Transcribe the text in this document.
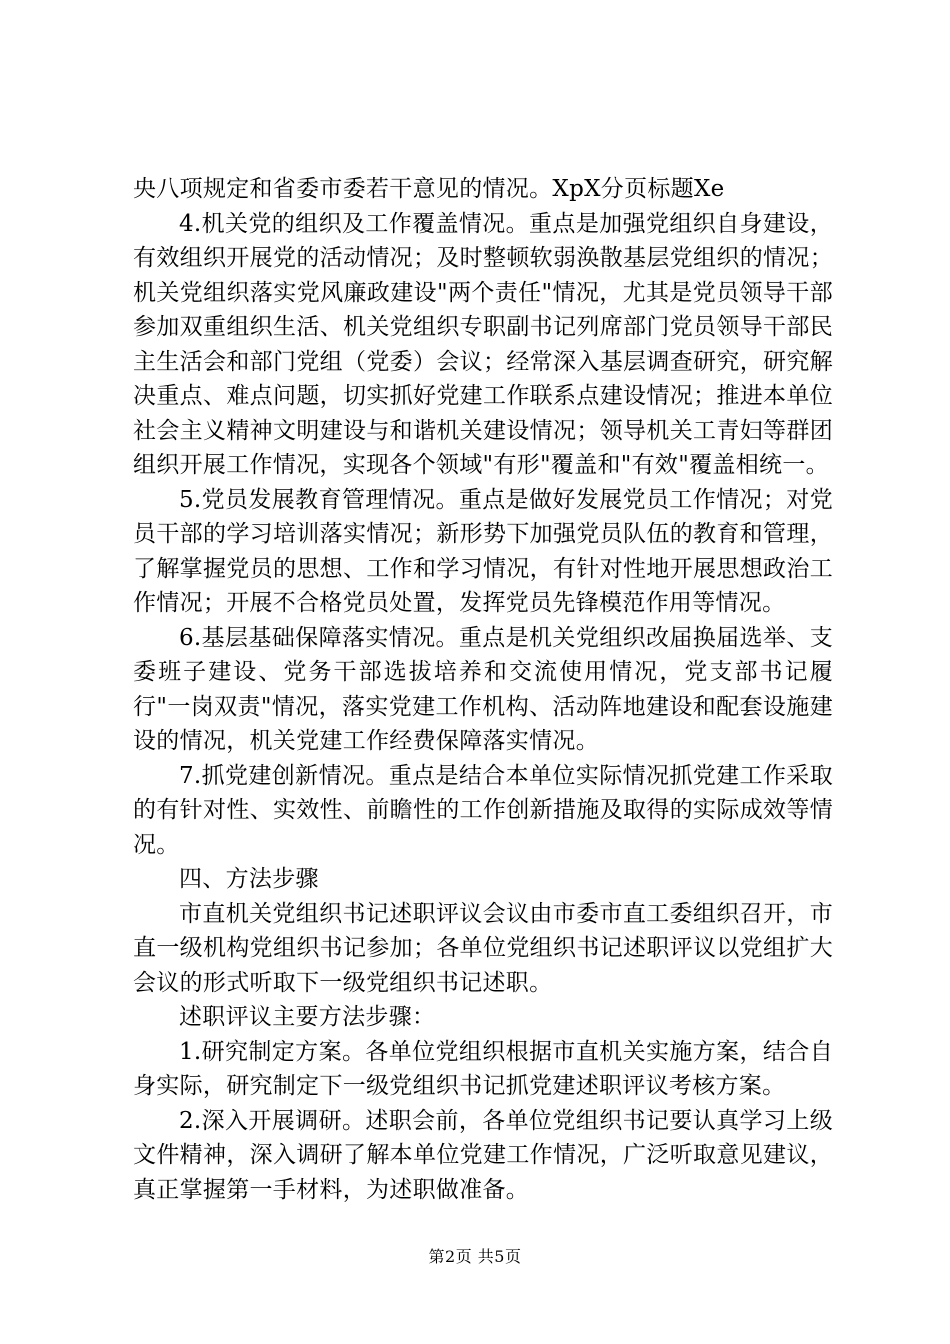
央八项规定和省委市委若干意见的情况。XpX分页标题Xe

4.机关党的组织及工作覆盖情况。重点是加强党组织自身建设，有效组织开展党的活动情况；及时整顿软弱涣散基层党组织的情况；机关党组织落实党风廉政建设"两个责任"情况，尤其是党员领导干部参加双重组织生活、机关党组织专职副书记列席部门党员领导干部民主生活会和部门党组（党委）会议；经常深入基层调查研究，研究解决重点、难点问题，切实抓好党建工作联系点建设情况；推进本单位社会主义精神文明建设与和谐机关建设情况；领导机关工青妇等群团组织开展工作情况，实现各个领域"有形"覆盖和"有效"覆盖相统一。

5.党员发展教育管理情况。重点是做好发展党员工作情况；对党员干部的学习培训落实情况；新形势下加强党员队伍的教育和管理，了解掌握党员的思想、工作和学习情况，有针对性地开展思想政治工作情况；开展不合格党员处置，发挥党员先锋模范作用等情况。

6.基层基础保障落实情况。重点是机关党组织改届换届选举、支委班子建设、党务干部选拔培养和交流使用情况，党支部书记履行"一岗双责"情况，落实党建工作机构、活动阵地建设和配套设施建设的情况，机关党建工作经费保障落实情况。

7.抓党建创新情况。重点是结合本单位实际情况抓党建工作采取的有针对性、实效性、前瞻性的工作创新措施及取得的实际成效等情况。

四、方法步骤

市直机关党组织书记述职评议会议由市委市直工委组织召开，市直一级机构党组织书记参加；各单位党组织书记述职评议以党组扩大会议的形式听取下一级党组织书记述职。

述职评议主要方法步骤：

1.研究制定方案。各单位党组织根据市直机关实施方案，结合自身实际，研究制定下一级党组织书记抓党建述职评议考核方案。

2.深入开展调研。述职会前，各单位党组织书记要认真学习上级文件精神，深入调研了解本单位党建工作情况，广泛听取意见建议，真正掌握第一手材料，为述职做准备。

第2页 共5页
